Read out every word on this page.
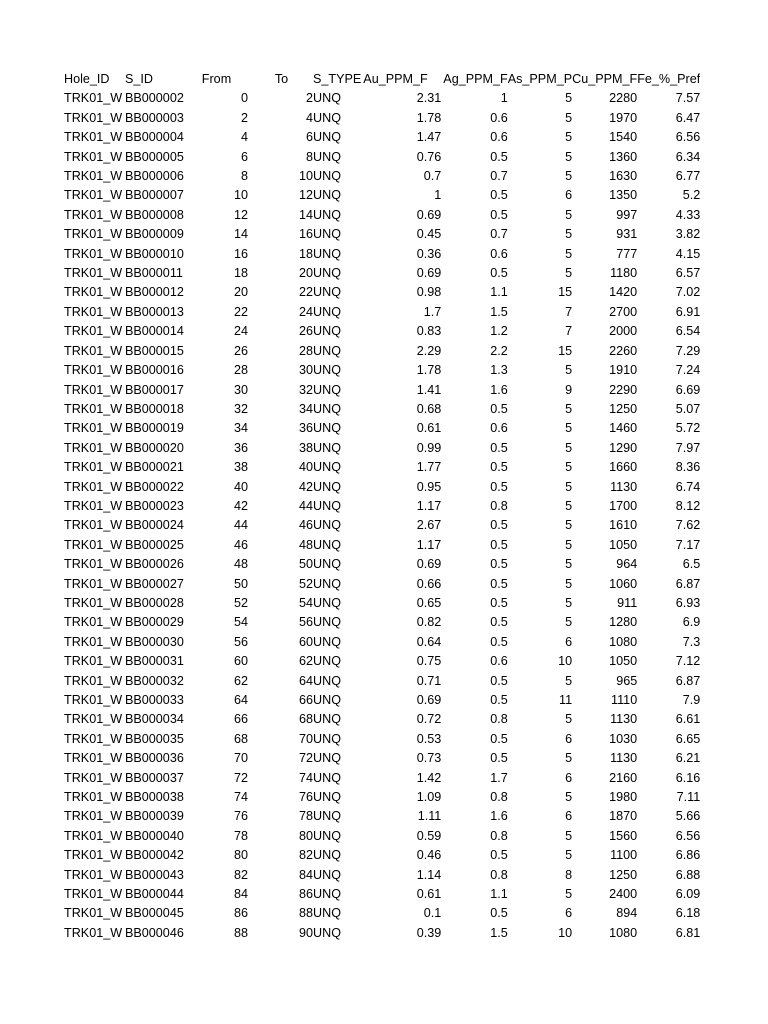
Hole_ID	S_ID	From	To	S_TYPE	Au_PPM_F	Ag_PPM_F	As_PPM_P	Cu_PPM_F	Fe_%_Pref
TRK01_W	BB000002	0	2	UNQ	2.31	1	5	2280	7.57
TRK01_W	BB000003	2	4	UNQ	1.78	0.6	5	1970	6.47
TRK01_W	BB000004	4	6	UNQ	1.47	0.6	5	1540	6.56
TRK01_W	BB000005	6	8	UNQ	0.76	0.5	5	1360	6.34
TRK01_W	BB000006	8	10	UNQ	0.7	0.7	5	1630	6.77
TRK01_W	BB000007	10	12	UNQ	1	0.5	6	1350	5.2
TRK01_W	BB000008	12	14	UNQ	0.69	0.5	5	997	4.33
TRK01_W	BB000009	14	16	UNQ	0.45	0.7	5	931	3.82
TRK01_W	BB000010	16	18	UNQ	0.36	0.6	5	777	4.15
TRK01_W	BB000011	18	20	UNQ	0.69	0.5	5	1180	6.57
TRK01_W	BB000012	20	22	UNQ	0.98	1.1	15	1420	7.02
TRK01_W	BB000013	22	24	UNQ	1.7	1.5	7	2700	6.91
TRK01_W	BB000014	24	26	UNQ	0.83	1.2	7	2000	6.54
TRK01_W	BB000015	26	28	UNQ	2.29	2.2	15	2260	7.29
TRK01_W	BB000016	28	30	UNQ	1.78	1.3	5	1910	7.24
TRK01_W	BB000017	30	32	UNQ	1.41	1.6	9	2290	6.69
TRK01_W	BB000018	32	34	UNQ	0.68	0.5	5	1250	5.07
TRK01_W	BB000019	34	36	UNQ	0.61	0.6	5	1460	5.72
TRK01_W	BB000020	36	38	UNQ	0.99	0.5	5	1290	7.97
TRK01_W	BB000021	38	40	UNQ	1.77	0.5	5	1660	8.36
TRK01_W	BB000022	40	42	UNQ	0.95	0.5	5	1130	6.74
TRK01_W	BB000023	42	44	UNQ	1.17	0.8	5	1700	8.12
TRK01_W	BB000024	44	46	UNQ	2.67	0.5	5	1610	7.62
TRK01_W	BB000025	46	48	UNQ	1.17	0.5	5	1050	7.17
TRK01_W	BB000026	48	50	UNQ	0.69	0.5	5	964	6.5
TRK01_W	BB000027	50	52	UNQ	0.66	0.5	5	1060	6.87
TRK01_W	BB000028	52	54	UNQ	0.65	0.5	5	911	6.93
TRK01_W	BB000029	54	56	UNQ	0.82	0.5	5	1280	6.9
TRK01_W	BB000030	56	60	UNQ	0.64	0.5	6	1080	7.3
TRK01_W	BB000031	60	62	UNQ	0.75	0.6	10	1050	7.12
TRK01_W	BB000032	62	64	UNQ	0.71	0.5	5	965	6.87
TRK01_W	BB000033	64	66	UNQ	0.69	0.5	11	1110	7.9
TRK01_W	BB000034	66	68	UNQ	0.72	0.8	5	1130	6.61
TRK01_W	BB000035	68	70	UNQ	0.53	0.5	6	1030	6.65
TRK01_W	BB000036	70	72	UNQ	0.73	0.5	5	1130	6.21
TRK01_W	BB000037	72	74	UNQ	1.42	1.7	6	2160	6.16
TRK01_W	BB000038	74	76	UNQ	1.09	0.8	5	1980	7.11
TRK01_W	BB000039	76	78	UNQ	1.11	1.6	6	1870	5.66
TRK01_W	BB000040	78	80	UNQ	0.59	0.8	5	1560	6.56
TRK01_W	BB000042	80	82	UNQ	0.46	0.5	5	1100	6.86
TRK01_W	BB000043	82	84	UNQ	1.14	0.8	8	1250	6.88
TRK01_W	BB000044	84	86	UNQ	0.61	1.1	5	2400	6.09
TRK01_W	BB000045	86	88	UNQ	0.1	0.5	6	894	6.18
TRK01_W	BB000046	88	90	UNQ	0.39	1.5	10	1080	6.81
